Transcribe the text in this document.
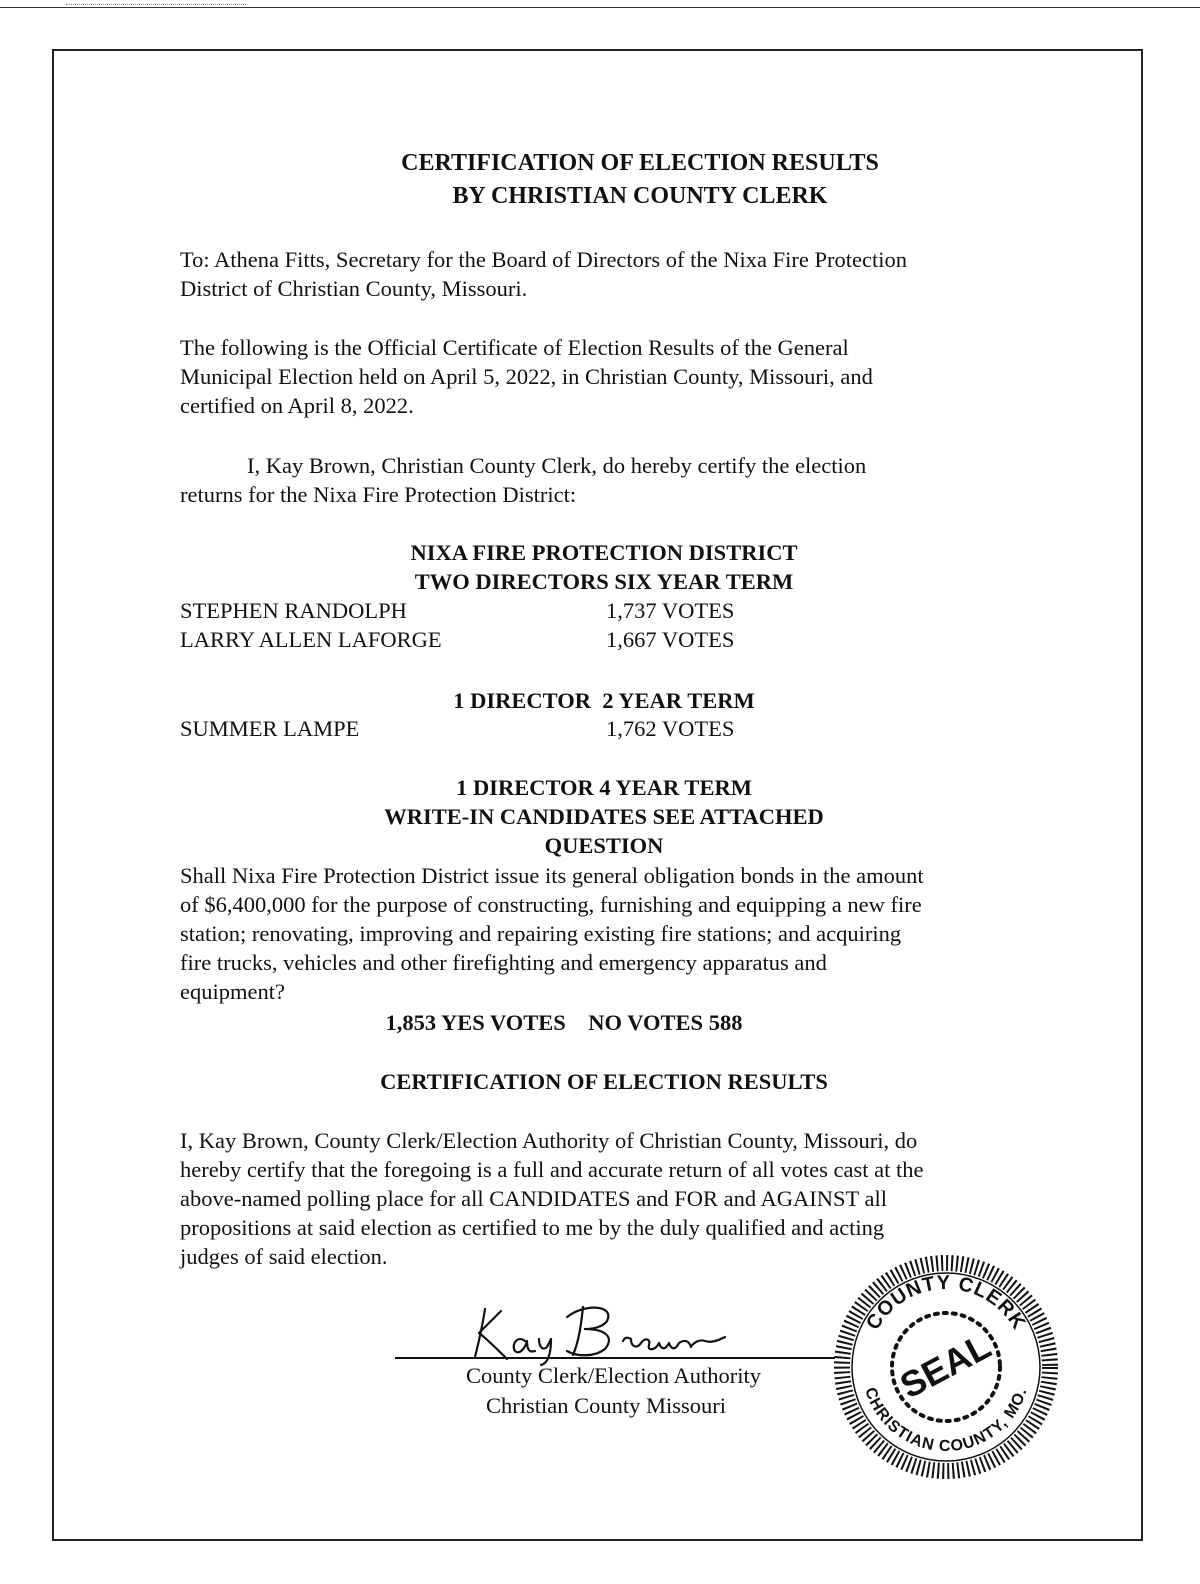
CERTIFICATION OF ELECTION RESULTS
BY CHRISTIAN COUNTY CLERK
To: Athena Fitts, Secretary for the Board of Directors of the Nixa Fire Protection
District of Christian County, Missouri.
The following is the Official Certificate of Election Results of the General
Municipal Election held on April 5, 2022, in Christian County, Missouri, and
certified on April 8, 2022.
I, Kay Brown, Christian County Clerk, do hereby certify the election
returns for the Nixa Fire Protection District:
NIXA FIRE PROTECTION DISTRICT
TWO DIRECTORS SIX YEAR TERM
STEPHEN RANDOLPH	1,737 VOTES
LARRY ALLEN LAFORGE	1,667 VOTES
1 DIRECTOR  2 YEAR TERM
SUMMER LAMPE	1,762 VOTES
1 DIRECTOR 4 YEAR TERM
WRITE-IN CANDIDATES SEE ATTACHED
QUESTION
Shall Nixa Fire Protection District issue its general obligation bonds in the amount
of $6,400,000 for the purpose of constructing, furnishing and equipping a new fire
station; renovating, improving and repairing existing fire stations; and acquiring
fire trucks, vehicles and other firefighting and emergency apparatus and
equipment?
1,853 YES VOTES    NO VOTES 588
CERTIFICATION OF ELECTION RESULTS
I, Kay Brown, County Clerk/Election Authority of Christian County, Missouri, do
hereby certify that the foregoing is a full and accurate return of all votes cast at the
above-named polling place for all CANDIDATES and FOR and AGAINST all
propositions at said election as certified to me by the duly qualified and acting
judges of said election.
County Clerk/Election Authority
Christian County Missouri
COUNTY CLERK
CHRISTIAN COUNTY, MO.
SEAL
